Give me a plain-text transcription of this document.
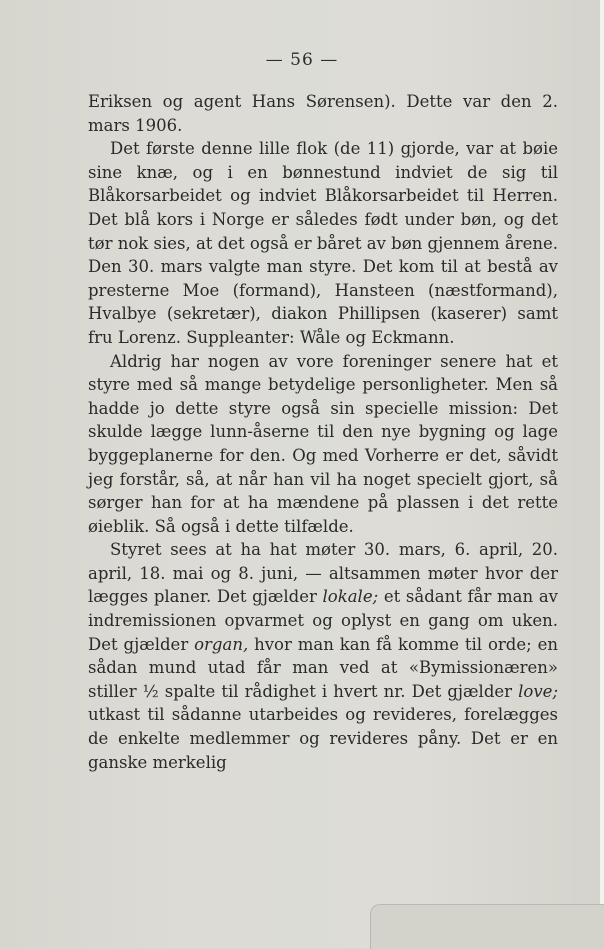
— 56 —

Eriksen og agent Hans Sørensen). Dette var den 2. mars 1906.

Det første denne lille flok (de 11) gjorde, var at bøie sine knæ, og i en bønnestund indviet de sig til Blåkorsarbeidet og indviet Blåkorsarbeidet til Herren. Det blå kors i Norge er således født under bøn, og det tør nok sies, at det også er båret av bøn gjennem årene.

Den 30. mars valgte man styre. Det kom til at bestå av presterne Moe (formand), Hansteen (næstformand), Hvalbye (sekretær), diakon Phillipsen (kaserer) samt fru Lorenz. Suppleanter: Wåle og Eckmann.

Aldrig har nogen av vore foreninger senere hat et styre med så mange betydelige personligheter. Men så hadde jo dette styre også sin specielle mission: Det skulde lægge lunn-åserne til den nye bygning og lage byggeplanerne for den. Og med Vorherre er det, såvidt jeg forstår, så, at når han vil ha noget specielt gjort, så sørger han for at ha mændene på plassen i det rette øieblik. Så også i dette tilfælde.

Styret sees at ha hat møter 30. mars, 6. april, 20. april, 18. mai og 8. juni, — altsammen møter hvor der lægges planer. Det gjælder lokale; et sådant får man av indremissionen opvarmet og oplyst en gang om uken. Det gjælder organ, hvor man kan få komme til orde; en sådan mund utad får man ved at «Bymissionæren» stiller ½ spalte til rådighet i hvert nr. Det gjælder love; utkast til sådanne utarbeides og revideres, forelægges de enkelte medlemmer og revideres påny. Det er en ganske merkelig
